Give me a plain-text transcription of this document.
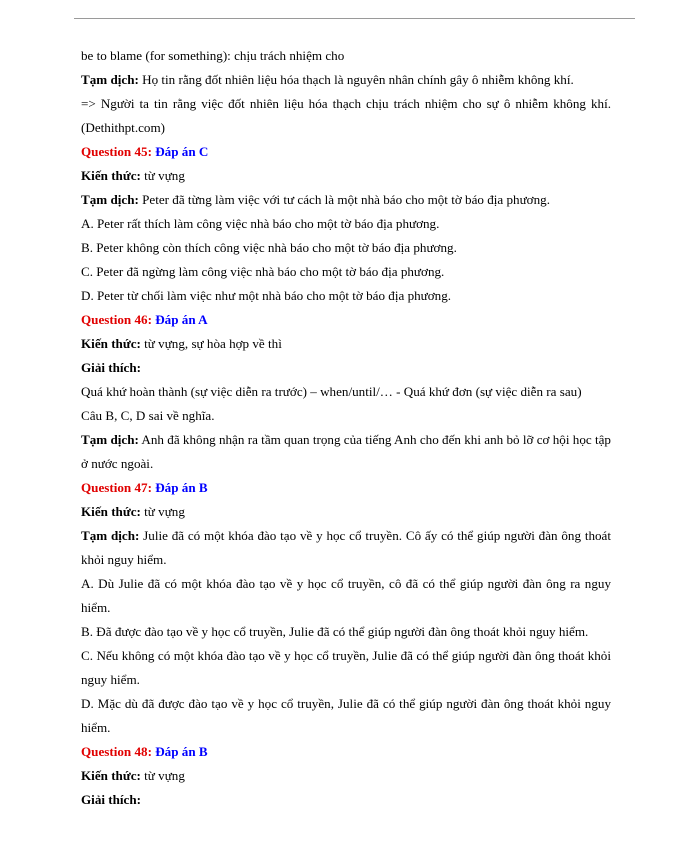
be to blame (for something): chịu trách nhiệm cho
Tạm dịch: Họ tin rằng đốt nhiên liệu hóa thạch là nguyên nhân chính gây ô nhiễm không khí.
=> Người ta tin rằng việc đốt nhiên liệu hóa thạch chịu trách nhiệm cho sự ô nhiễm không khí. (Dethithpt.com)
Question 45: Đáp án C
Kiến thức: từ vựng
Tạm dịch: Peter đã từng làm việc với tư cách là một nhà báo cho một tờ báo địa phương.
A. Peter rất thích làm công việc nhà báo cho một tờ báo địa phương.
B. Peter không còn thích công việc nhà báo cho một tờ báo địa phương.
C. Peter đã ngừng làm công việc nhà báo cho một tờ báo địa phương.
D. Peter từ chối làm việc như một nhà báo cho một tờ báo địa phương.
Question 46: Đáp án A
Kiến thức: từ vựng, sự hòa hợp về thì
Giải thích:
Quá khứ hoàn thành (sự việc diễn ra trước) – when/until/… - Quá khứ đơn (sự việc diễn ra sau)
Câu B, C, D sai về nghĩa.
Tạm dịch: Anh đã không nhận ra tầm quan trọng của tiếng Anh cho đến khi anh bỏ lỡ cơ hội học tập ở nước ngoài.
Question 47: Đáp án B
Kiến thức: từ vựng
Tạm dịch: Julie đã có một khóa đào tạo về y học cổ truyền. Cô ấy có thể giúp người đàn ông thoát khỏi nguy hiểm.
A. Dù Julie đã có một khóa đào tạo về y học cổ truyền, cô đã có thể giúp người đàn ông ra nguy hiểm.
B. Đã được đào tạo về y học cổ truyền, Julie đã có thể giúp người đàn ông thoát khỏi nguy hiểm.
C. Nếu không có một khóa đào tạo về y học cổ truyền, Julie đã có thể giúp người đàn ông thoát khỏi nguy hiểm.
D. Mặc dù đã được đào tạo về y học cổ truyền, Julie đã có thể giúp người đàn ông thoát khỏi nguy hiểm.
Question 48: Đáp án B
Kiến thức: từ vựng
Giải thích:
